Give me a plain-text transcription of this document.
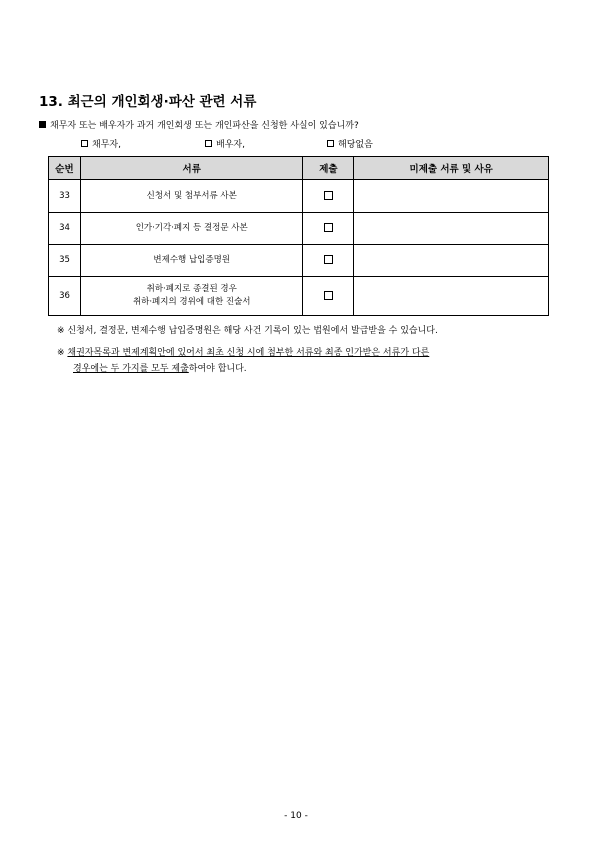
13. 최근의 개인회생·파산 관련 서류
채무자 또는 배우자가 과거 개인회생 또는 개인파산을 신청한 사실이 있습니까?
채무자,	배우자,	해당없음
순번	서류	제출	미제출 서류 및 사유
33	신청서 및 첨부서류 사본		
34	인가·기각·폐지 등 결정문 사본		
35	변제수행 납입증명원		
36	취하·폐지로 종결된 경우
취하·폐지의 경위에 대한 진술서		

※ 신청서, 결정문, 변제수행 납입증명원은 해당 사건 기록이 있는 법원에서 발급받을 수 있습니다.
※ 채권자목록과 변제계획안에 있어서 최초 신청 시에 첨부한 서류와 최종 인가받은 서류가 다른
경우에는 두 가지를 모두 제출하여야 합니다.
- 10 -
